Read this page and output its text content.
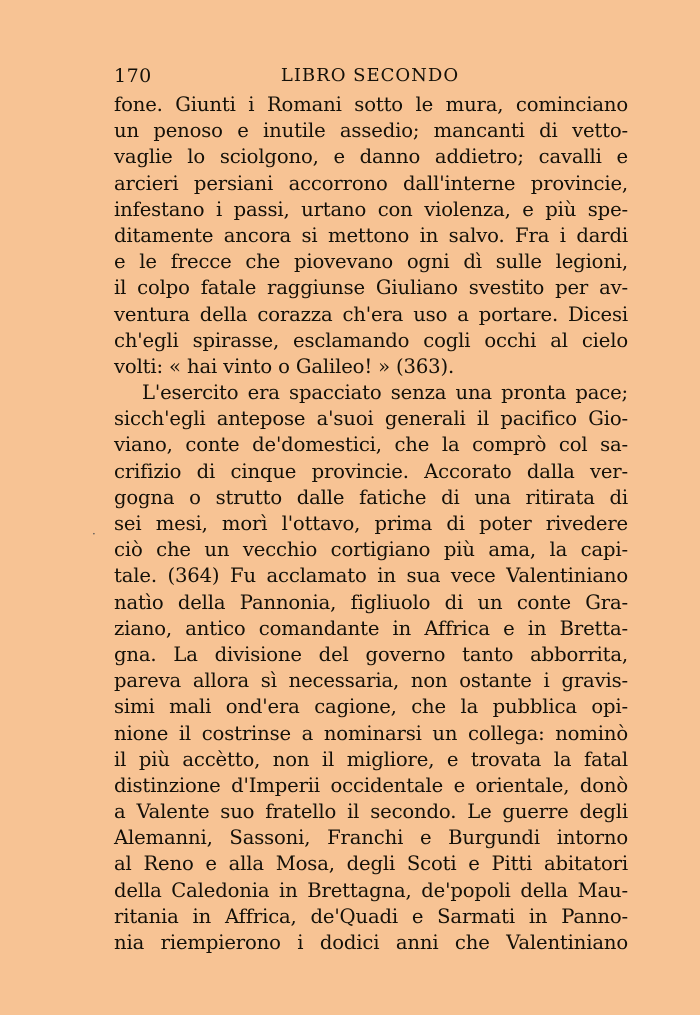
170	LIBRO SECONDO
·
fone. Giunti i Romani sotto le mura, cominciano
un penoso e inutile assedio; mancanti di vetto-
vaglie lo sciolgono, e danno addietro; cavalli e
arcieri persiani accorrono dall'interne provincie,
infestano i passi, urtano con violenza, e più spe-
ditamente ancora si mettono in salvo. Fra i dardi
e le frecce che piovevano ogni dì sulle legioni,
il colpo fatale raggiunse Giuliano svestito per av-
ventura della corazza ch'era uso a portare. Dicesi
ch'egli spirasse, esclamando cogli occhi al cielo
volti: « hai vinto o Galileo! » (363).
L'esercito era spacciato senza una pronta pace;
sicch'egli antepose a'suoi generali il pacifico Gio-
viano, conte de'domestici, che la comprò col sa-
crifizio di cinque provincie. Accorato dalla ver-
gogna o strutto dalle fatiche di una ritirata di
sei mesi, morì l'ottavo, prima di poter rivedere
ciò che un vecchio cortigiano più ama, la capi-
tale. (364) Fu acclamato in sua vece Valentiniano
natìo della Pannonia, figliuolo di un conte Gra-
ziano, antico comandante in Affrica e in Bretta-
gna. La divisione del governo tanto abborrita,
pareva allora sì necessaria, non ostante i gravis-
simi mali ond'era cagione, che la pubblica opi-
nione il costrinse a nominarsi un collega: nominò
il più accètto, non il migliore, e trovata la fatal
distinzione d'Imperii occidentale e orientale, donò
a Valente suo fratello il secondo. Le guerre degli
Alemanni, Sassoni, Franchi e Burgundi intorno
al Reno e alla Mosa, degli Scoti e Pitti abitatori
della Caledonia in Brettagna, de'popoli della Mau-
ritania in Affrica, de'Quadi e Sarmati in Panno-
nia riempierono i dodici anni che Valentiniano
